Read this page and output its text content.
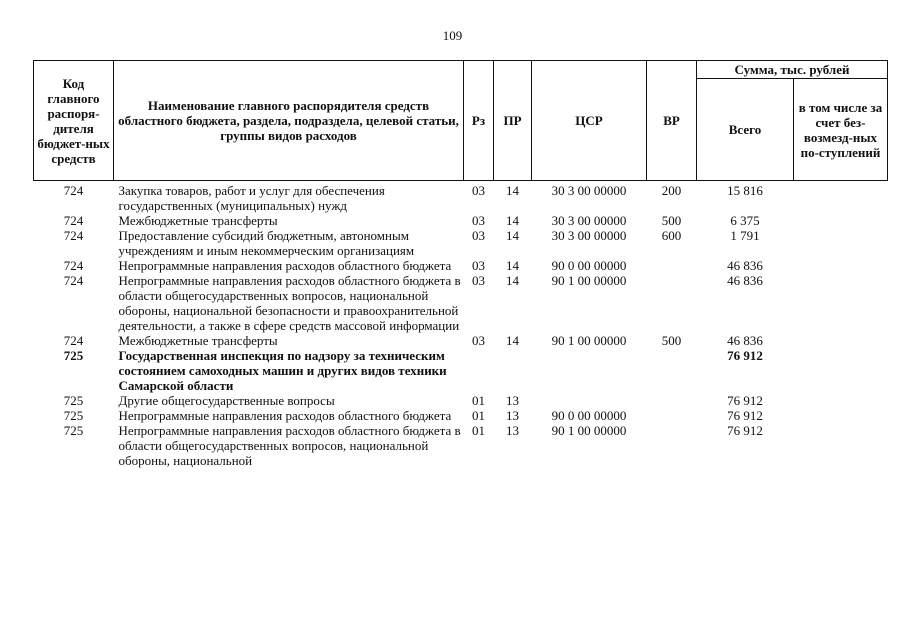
109
Код главного распоря-дителя бюджет-ных средств	Наименование главного распорядителя средств областного бюджета, раздела, подраздела, целевой статьи, группы видов расходов	Рз	ПР	ЦСР	ВР	Сумма, тыс. рублей	
						Всего	в том числе за счет без-возмезд-ных по-ступлений
724	Закупка товаров, работ и услуг для обеспечения государственных (муниципальных) нужд	03	14	30 3 00 00000	200	15 816	
724	Межбюджетные трансферты	03	14	30 3 00 00000	500	6 375	
724	Предоставление субсидий бюджетным, автономным учреждениям и иным некоммерческим организациям	03	14	30 3 00 00000	600	1 791	
724	Непрограммные направления расходов областного бюджета	03	14	90 0 00 00000		46 836	
724	Непрограммные направления расходов областного бюджета в области общегосударственных вопросов, национальной обороны, национальной безопасности и правоохранительной деятельности, а также в сфере средств массовой информации	03	14	90 1 00 00000		46 836	
724	Межбюджетные трансферты	03	14	90 1 00 00000	500	46 836	
725	Государственная инспекция по надзору за техническим состоянием самоходных машин и других видов техники Самарской области					76 912	
725	Другие общегосударственные вопросы	01	13			76 912	
725	Непрограммные направления расходов областного бюджета	01	13	90 0 00 00000		76 912	
725	Непрограммные направления расходов областного бюджета в области общегосударственных вопросов, национальной обороны, национальной	01	13	90 1 00 00000		76 912	
